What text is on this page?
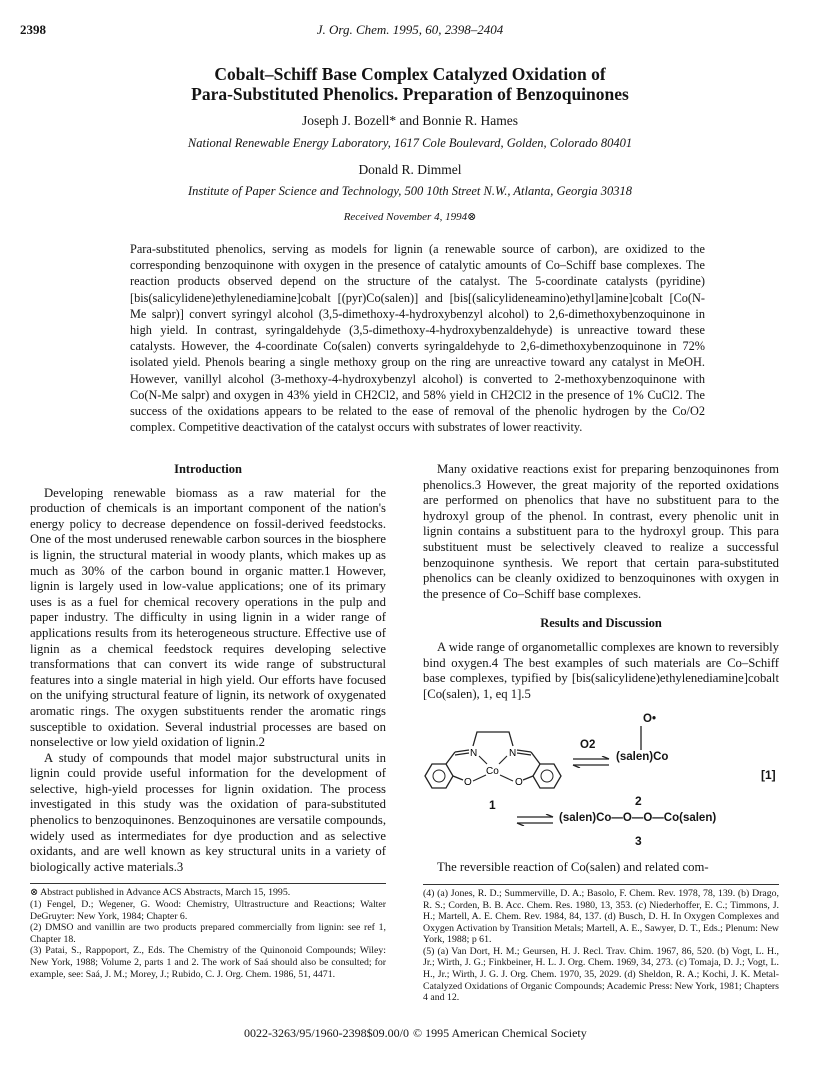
2398	J. Org. Chem. 1995, 60, 2398–2404
Cobalt–Schiff Base Complex Catalyzed Oxidation of
Para-Substituted Phenolics. Preparation of Benzoquinones
Joseph J. Bozell* and Bonnie R. Hames
National Renewable Energy Laboratory, 1617 Cole Boulevard, Golden, Colorado 80401
Donald R. Dimmel
Institute of Paper Science and Technology, 500 10th Street N.W., Atlanta, Georgia 30318
Received November 4, 1994⊗

Para-substituted phenolics, serving as models for lignin (a renewable source of carbon), are oxidized to the corresponding benzoquinone with oxygen in the presence of catalytic amounts of Co–Schiff base complexes. The reaction products observed depend on the structure of the catalyst. The 5-coordinate catalysts (pyridine)[bis(salicylidene)ethylenediamine]cobalt [(pyr)Co(salen)] and [bis[(salicylideneamino)ethyl]amine]cobalt [Co(N-Me salpr)] convert syringyl alcohol (3,5-dimethoxy-4-hydroxybenzyl alcohol) to 2,6-dimethoxybenzoquinone in high yield. In contrast, syringaldehyde (3,5-dimethoxy-4-hydroxybenzaldehyde) is unreactive toward these catalysts. However, the 4-coordinate Co(salen) converts syringaldehyde to 2,6-dimethoxybenzoquinone in 72% isolated yield. Phenols bearing a single methoxy group on the ring are unreactive toward any catalyst in MeOH. However, vanillyl alcohol (3-methoxy-4-hydroxybenzyl alcohol) is converted to 2-methoxybenzoquinone with Co(N-Me salpr) and oxygen in 43% yield in CH2Cl2, and 58% yield in CH2Cl2 in the presence of 1% CuCl2. The success of the oxidations appears to be related to the ease of removal of the phenolic hydrogen by the Co/O2 complex. Competitive deactivation of the catalyst occurs with substrates of lower reactivity.

Introduction

Developing renewable biomass as a raw material for the production of chemicals is an important component of the nation's energy policy to decrease dependence on fossil-derived feedstocks. One of the most underused renewable carbon sources in the biosphere is lignin, the structural material in woody plants, which makes up as much as 30% of the carbon bound in organic matter.1 However, lignin is largely used in low-value applications; one of its primary uses is as a fuel for chemical recovery operations in the pulp and paper industry. The difficulty in using lignin in a wider range of applications results from its heterogeneous structure. Effective use of lignin as a chemical feedstock requires developing selective transformations that can convert its wide range of substructural features into a single material in high yield. Our efforts have focused on the unifying structural feature of lignin, its network of oxygenated aromatic rings. The oxygen substituents render the aromatic rings susceptible to oxidation. Several industrial processes are based on nonselective or low yield oxidation of lignin.2

A study of compounds that model major substructural units in lignin could provide useful information for the development of selective, high-yield processes for lignin oxidation. The process investigated in this study was the oxidation of para-substituted phenolics to benzoquinones. Benzoquinones are versatile compounds, widely used as intermediates for dye production and as selective oxidants, and are well known as key structural units in a variety of biologically active materials.3

⊗ Abstract published in Advance ACS Abstracts, March 15, 1995.

(1) Fengel, D.; Wegener, G. Wood: Chemistry, Ultrastructure and Reactions; Walter DeGruyter: New York, 1984; Chapter 6.

(2) DMSO and vanillin are two products prepared commercially from lignin: see ref 1, Chapter 18.

(3) Patai, S., Rappoport, Z., Eds. The Chemistry of the Quinonoid Compounds; Wiley: New York, 1988; Volume 2, parts 1 and 2. The work of Saá should also be consulted; for example, see: Saá, J. M.; Morey, J.; Rubido, C. J. Org. Chem. 1986, 51, 4471.

Many oxidative reactions exist for preparing benzoquinones from phenolics.3 However, the great majority of the reported oxidations are performed on phenolics that have no substituent para to the hydroxyl group of the phenol. In contrast, every phenolic unit in lignin contains a substituent para to the hydroxyl group. This para substituent must be selectively cleaved to realize a successful benzoquinone synthesis. We report that certain para-substituted phenolics can be cleanly oxidized to benzoquinones with oxygen in the presence of Co–Schiff base complexes.

Results and Discussion

A wide range of organometallic complexes are known to reversibly bind oxygen.4 The best examples of such materials are Co–Schiff base complexes, typified by [bis(salicylidene)ethylenediamine]cobalt [Co(salen), 1, eq 1].5

N	N
Co
O	O
O2
O•
(salen)Co
[1]
1	2
⇌ (salen)Co—O—O—Co(salen)
3

The reversible reaction of Co(salen) and related com-

(4) (a) Jones, R. D.; Summerville, D. A.; Basolo, F. Chem. Rev. 1978, 78, 139. (b) Drago, R. S.; Corden, B. B. Acc. Chem. Res. 1980, 13, 353. (c) Niederhoffer, E. C.; Timmons, J. H.; Martell, A. E. Chem. Rev. 1984, 84, 137. (d) Busch, D. H. In Oxygen Complexes and Oxygen Activation by Transition Metals; Martell, A. E., Sawyer, D. T., Eds.; Plenum: New York, 1988; p 61.

(5) (a) Van Dort, H. M.; Geursen, H. J. Recl. Trav. Chim. 1967, 86, 520. (b) Vogt, L. H., Jr.; Wirth, J. G.; Finkbeiner, H. L. J. Org. Chem. 1969, 34, 273. (c) Tomaja, D. J.; Vogt, L. H., Jr.; Wirth, J. G. J. Org. Chem. 1970, 35, 2029. (d) Sheldon, R. A.; Kochi, J. K. Metal-Catalyzed Oxidations of Organic Compounds; Academic Press: New York, 1981; Chapters 4 and 12.

0022-3263/95/1960-2398$09.00/0 © 1995 American Chemical Society
